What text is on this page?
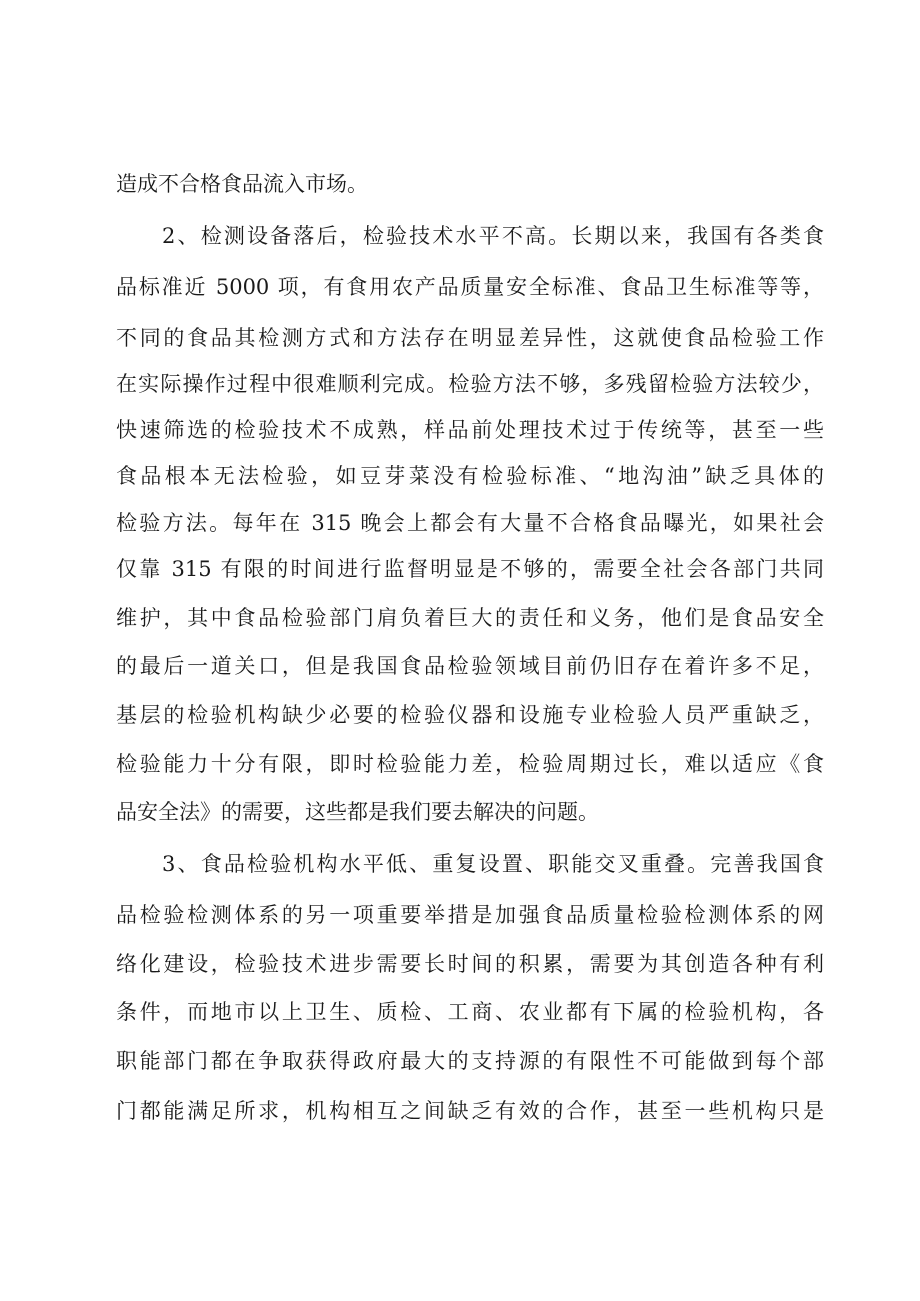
造成不合格食品流入市场。
2、检测设备落后，检验技术水平不高。长期以来，我国有各类食
品标准近 5000 项，有食用农产品质量安全标准、食品卫生标准等等，
不同的食品其检测方式和方法存在明显差异性，这就使食品检验工作
在实际操作过程中很难顺利完成。检验方法不够，多残留检验方法较少，
快速筛选的检验技术不成熟，样品前处理技术过于传统等，甚至一些
食品根本无法检验，如豆芽菜没有检验标准、“地沟油”缺乏具体的
检验方法。每年在 315 晚会上都会有大量不合格食品曝光，如果社会
仅靠 315 有限的时间进行监督明显是不够的，需要全社会各部门共同
维护，其中食品检验部门肩负着巨大的责任和义务，他们是食品安全
的最后一道关口，但是我国食品检验领域目前仍旧存在着许多不足，
基层的检验机构缺少必要的检验仪器和设施专业检验人员严重缺乏，
检验能力十分有限，即时检验能力差，检验周期过长，难以适应《食
品安全法》的需要，这些都是我们要去解决的问题。
3、食品检验机构水平低、重复设置、职能交叉重叠。完善我国食
品检验检测体系的另一项重要举措是加强食品质量检验检测体系的网
络化建设，检验技术进步需要长时间的积累，需要为其创造各种有利
条件，而地市以上卫生、质检、工商、农业都有下属的检验机构，各
职能部门都在争取获得政府最大的支持源的有限性不可能做到每个部
门都能满足所求，机构相互之间缺乏有效的合作，甚至一些机构只是
